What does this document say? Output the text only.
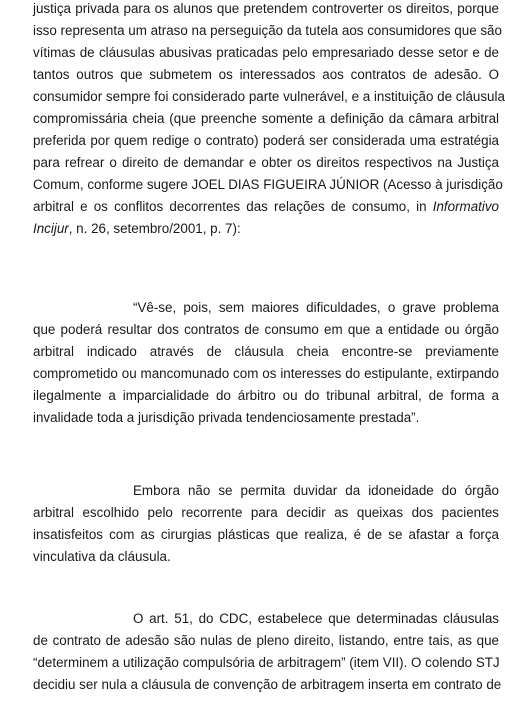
justiça privada para os alunos que pretendem controverter os direitos, porque
isso representa um atraso na perseguição da tutela aos consumidores que são
vítimas de cláusulas abusivas praticadas pelo empresariado desse setor e de
tantos outros que submetem os interessados aos contratos de adesão. O
consumidor sempre foi considerado parte vulnerável, e a instituição de cláusula
compromissária cheia (que preenche somente a definição da câmara arbitral
preferida por quem redige o contrato) poderá ser considerada uma estratégia
para refrear o direito de demandar e obter os direitos respectivos na Justiça
Comum, conforme sugere JOEL DIAS FIGUEIRA JÚNIOR (Acesso à jurisdição
arbitral e os conflitos decorrentes das relações de consumo, in Informativo
Incijur, n. 26, setembro/2001, p. 7):
“Vê-se, pois, sem maiores dificuldades, o grave problema
que poderá resultar dos contratos de consumo em que a entidade ou órgão
arbitral indicado através de cláusula cheia encontre-se previamente
comprometido ou mancomunado com os interesses do estipulante, extirpando
ilegalmente a imparcialidade do árbitro ou do tribunal arbitral, de forma a
invalidade toda a jurisdição privada tendenciosamente prestada”.
Embora não se permita duvidar da idoneidade do órgão
arbitral escolhido pelo recorrente para decidir as queixas dos pacientes
insatisfeitos com as cirurgias plásticas que realiza, é de se afastar a força
vinculativa da cláusula.
O art. 51, do CDC, estabelece que determinadas cláusulas
de contrato de adesão são nulas de pleno direito, listando, entre tais, as que
“determinem a utilização compulsória de arbitragem” (item VII). O colendo STJ
decidiu ser nula a cláusula de convenção de arbitragem inserta em contrato de
